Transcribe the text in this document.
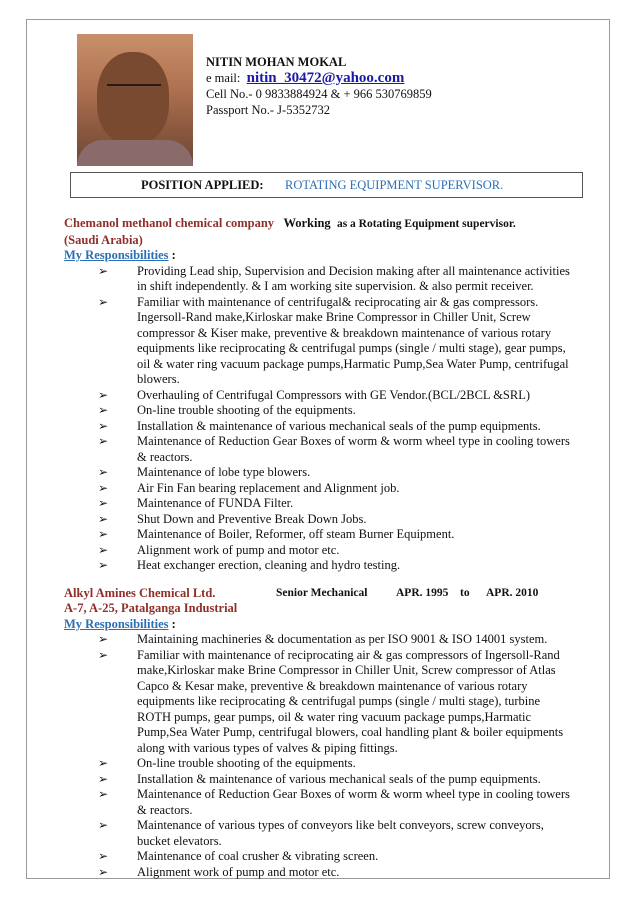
NITIN MOHAN MOKAL
e mail: nitin_30472@yahoo.com
Cell No.- 0 9833884924 & + 966 530769859
Passport No.- J-5352732
POSITION APPLIED: ROTATING EQUIPMENT SUPERVISOR.
Chemanol methanol chemical company Working as a Rotating Equipment supervisor.
(Saudi Arabia)
My Responsibilities :
➢ Providing Lead ship, Supervision and Decision making after all maintenance activities in shift independently. & I am working site supervision. & also permit receiver.
➢ Familiar with maintenance of centrifugal& reciprocating air & gas compressors. Ingersoll-Rand make,Kirloskar make Brine Compressor in Chiller Unit, Screw compressor & Kiser make, preventive & breakdown maintenance of various rotary equipments like reciprocating & centrifugal pumps (single / multi stage), gear pumps, oil & water ring vacuum package pumps,Harmatic Pump,Sea Water Pump, centrifugal blowers.
➢ Overhauling of Centrifugal Compressors with GE Vendor.(BCL/2BCL &SRL)
➢ On-line trouble shooting of the equipments.
➢ Installation & maintenance of various mechanical seals of the pump equipments.
➢ Maintenance of Reduction Gear Boxes of worm & worm wheel type in cooling towers & reactors.
➢ Maintenance of lobe type blowers.
➢ Air Fin Fan bearing replacement and Alignment job.
➢ Maintenance of FUNDA Filter.
➢ Shut Down and Preventive Break Down Jobs.
➢ Maintenance of Boiler, Reformer, off steam Burner Equipment.
➢ Alignment work of pump and motor etc.
➢ Heat exchanger erection, cleaning and hydro testing.
Alkyl Amines Chemical Ltd.	Senior Mechanical APR. 1995 to APR. 2010
A-7, A-25, Patalganga Industrial
My Responsibilities :
➢ Maintaining machineries & documentation as per ISO 9001 & ISO 14001 system.
➢ Familiar with maintenance of reciprocating air & gas compressors of Ingersoll-Rand make,Kirloskar make Brine Compressor in Chiller Unit, Screw compressor of Atlas Capco & Kesar make, preventive & breakdown maintenance of various rotary equipments like reciprocating & centrifugal pumps (single / multi stage), turbine ROTH pumps, gear pumps, oil & water ring vacuum package pumps,Harmatic Pump,Sea Water Pump, centrifugal blowers, coal handling plant & boiler equipments along with various types of valves & piping fittings.
➢ On-line trouble shooting of the equipments.
➢ Installation & maintenance of various mechanical seals of the pump equipments.
➢ Maintenance of Reduction Gear Boxes of worm & worm wheel type in cooling towers & reactors.
➢ Maintenance of various types of conveyors like belt conveyors, screw conveyors, bucket elevators.
➢ Maintenance of coal crusher & vibrating screen.
➢ Alignment work of pump and motor etc.
